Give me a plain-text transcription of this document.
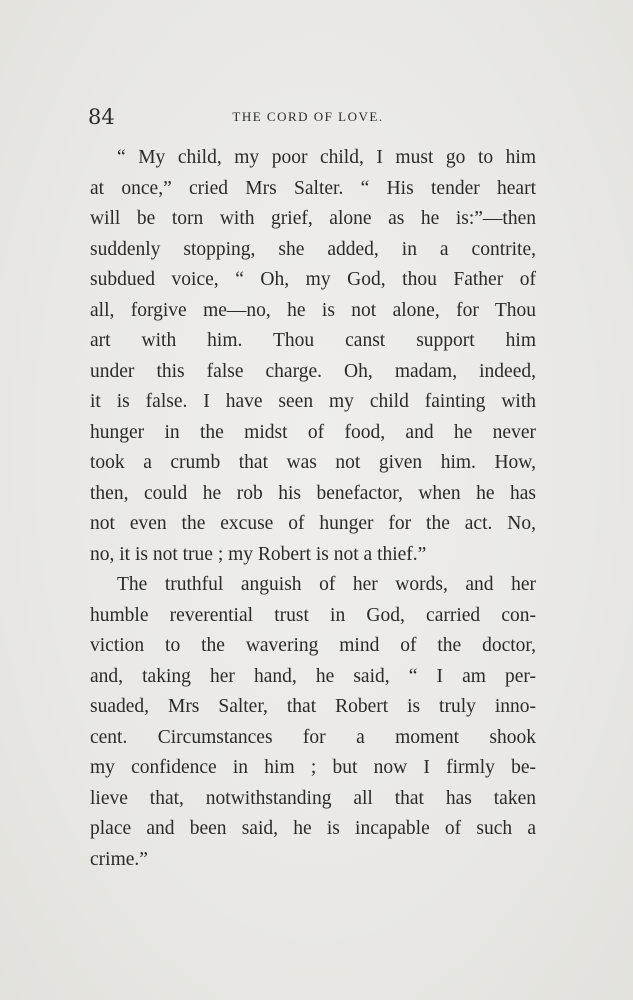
84	THE CORD OF LOVE.
“ My child, my poor child, I must go to him
at once,” cried Mrs Salter. “ His tender heart
will be torn with grief, alone as he is:”—then
suddenly stopping, she added, in a contrite,
subdued voice, “ Oh, my God, thou Father of
all, forgive me—no, he is not alone, for Thou
art with him. Thou canst support him
under this false charge. Oh, madam, indeed,
it is false. I have seen my child fainting with
hunger in the midst of food, and he never
took a crumb that was not given him. How,
then, could he rob his benefactor, when he has
not even the excuse of hunger for the act. No,
no, it is not true ; my Robert is not a thief.”
The truthful anguish of her words, and her
humble reverential trust in God, carried con-
viction to the wavering mind of the doctor,
and, taking her hand, he said, “ I am per-
suaded, Mrs Salter, that Robert is truly inno-
cent. Circumstances for a moment shook
my confidence in him ; but now I firmly be-
lieve that, notwithstanding all that has taken
place and been said, he is incapable of such a
crime.”
